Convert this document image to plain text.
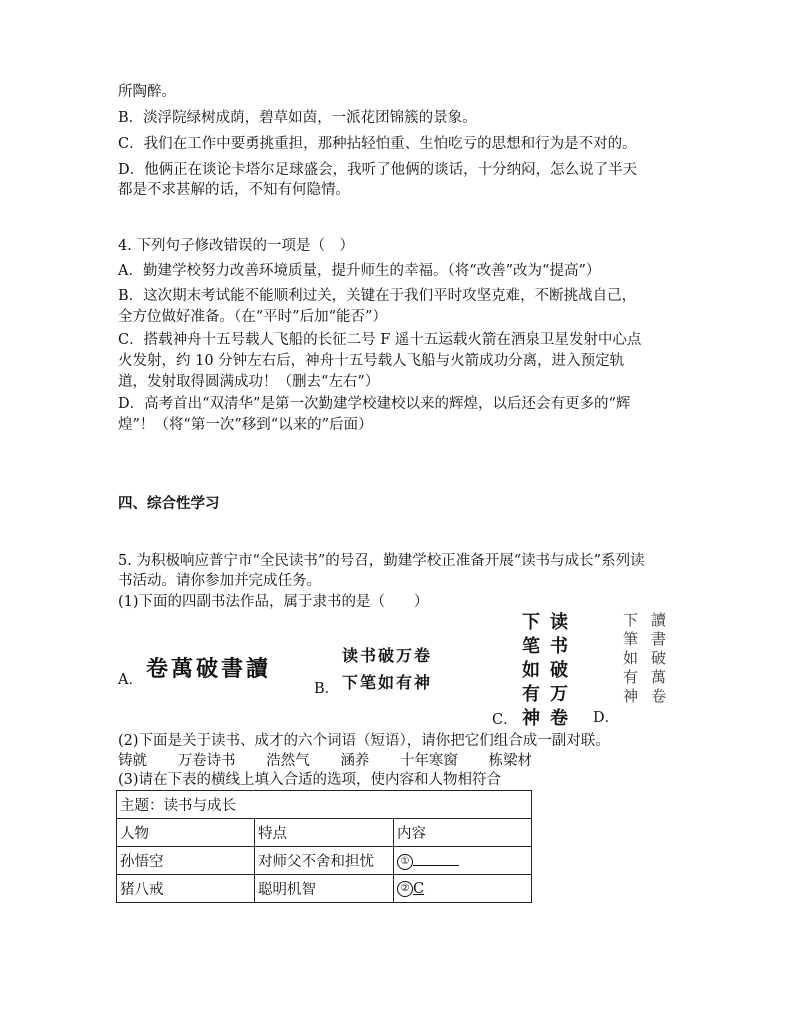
所陶醉。
B．淡浮院绿树成荫，碧草如茵，一派花团锦簇的景象。
C．我们在工作中要勇挑重担，那种拈轻怕重、生怕吃亏的思想和行为是不对的。
D．他俩正在谈论卡塔尔足球盛会，我听了他俩的谈话，十分纳闷，怎么说了半天
都是不求甚解的话，不知有何隐情。
4. 下列句子修改错误的一项是（　）
A．勤建学校努力改善环境质量，提升师生的幸福。（将“改善”改为“提高”）
B．这次期末考试能不能顺利过关，关键在于我们平时攻坚克难，不断挑战自己，
全方位做好准备。（在“平时”后加“能否”）
C．搭载神舟十五号载人飞船的长征二号 F 遥十五运载火箭在酒泉卫星发射中心点
火发射，约 10 分钟左右后，神舟十五号载人飞船与火箭成功分离，进入预定轨
道，发射取得圆满成功！（删去“左右”）
D．高考首出“双清华”是第一次勤建学校建校以来的辉煌，以后还会有更多的“辉
煌”！（将“第一次”移到“以来的”后面）
四、综合性学习
5. 为积极响应普宁市“全民读书”的号召，勤建学校正准备开展“读书与成长”系列读
书活动。请你参加并完成任务。
(1)下面的四副书法作品，属于隶书的是（　　）
A． 卷萬破書讀
B．
读书破万卷
下笔如有神
C． 读书破万卷
下笔如有神	D．
讀書破萬卷
下筆如有神
(2)下面是关于读书、成才的六个词语（短语），请你把它们组合成一副对联。
铸就 万卷诗书 浩然气 涵养 十年寒窗 栋梁材
(3)请在下表的横线上填入合适的选项，使内容和人物相符合
主题：读书与成长		
人物	特点	内容
孙悟空	对师父不舍和担忧	①
猪八戒	聪明机智	② C
